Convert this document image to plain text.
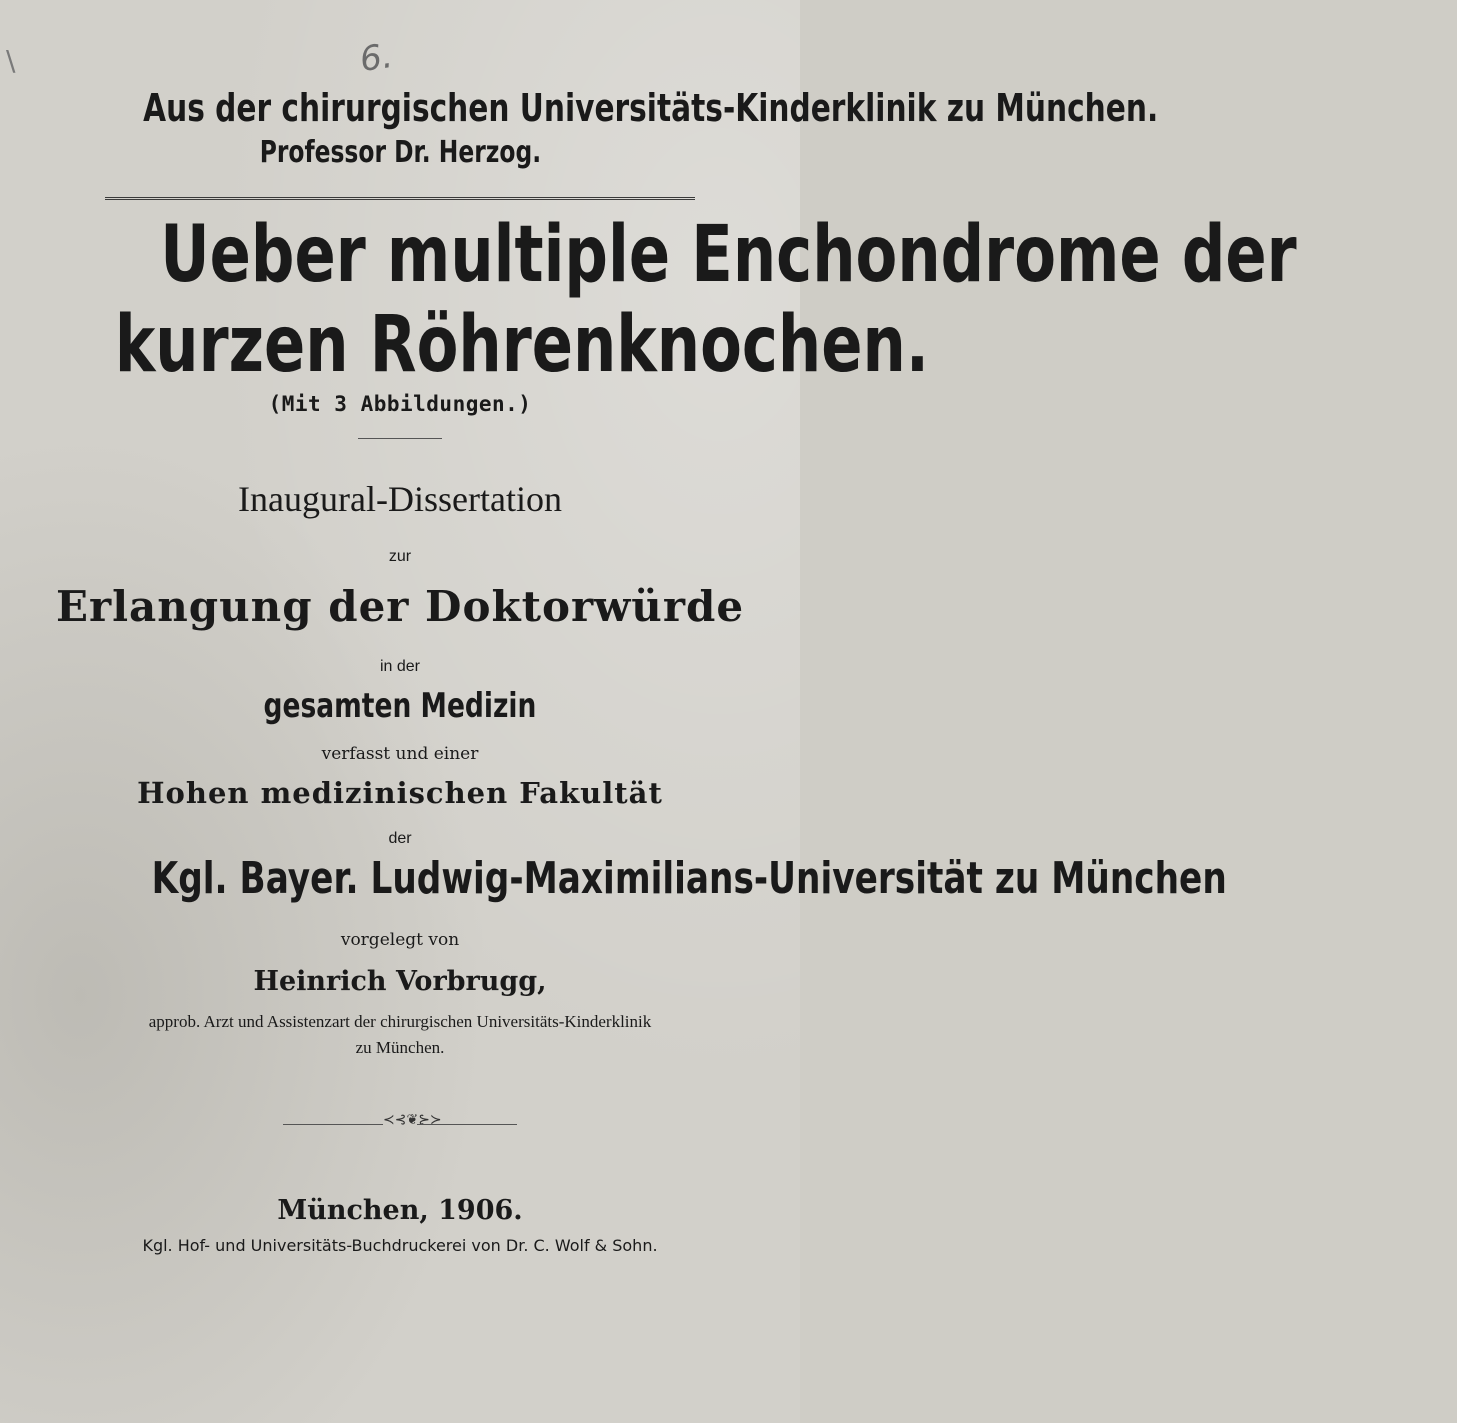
\	6.
Aus der chirurgischen Universitäts-Kinderklinik zu München.
Professor Dr. Herzog.
Ueber multiple Enchondrome der
kurzen Röhrenknochen.
(Mit 3 Abbildungen.)
Inaugural-Dissertation
zur
Erlangung der Doktorwürde
in der
gesamten Medizin
verfasst und einer
Hohen medizinischen Fakultät
der
Kgl. Bayer. Ludwig-Maximilians-Universität zu München
vorgelegt von
Heinrich Vorbrugg,
approb. Arzt und Assistenzart der chirurgischen Universitäts-Kinderklinik
zu München.
≺⊰❦⊱≻
München, 1906.
Kgl. Hof- und Universitäts-Buchdruckerei von Dr. C. Wolf & Sohn.
